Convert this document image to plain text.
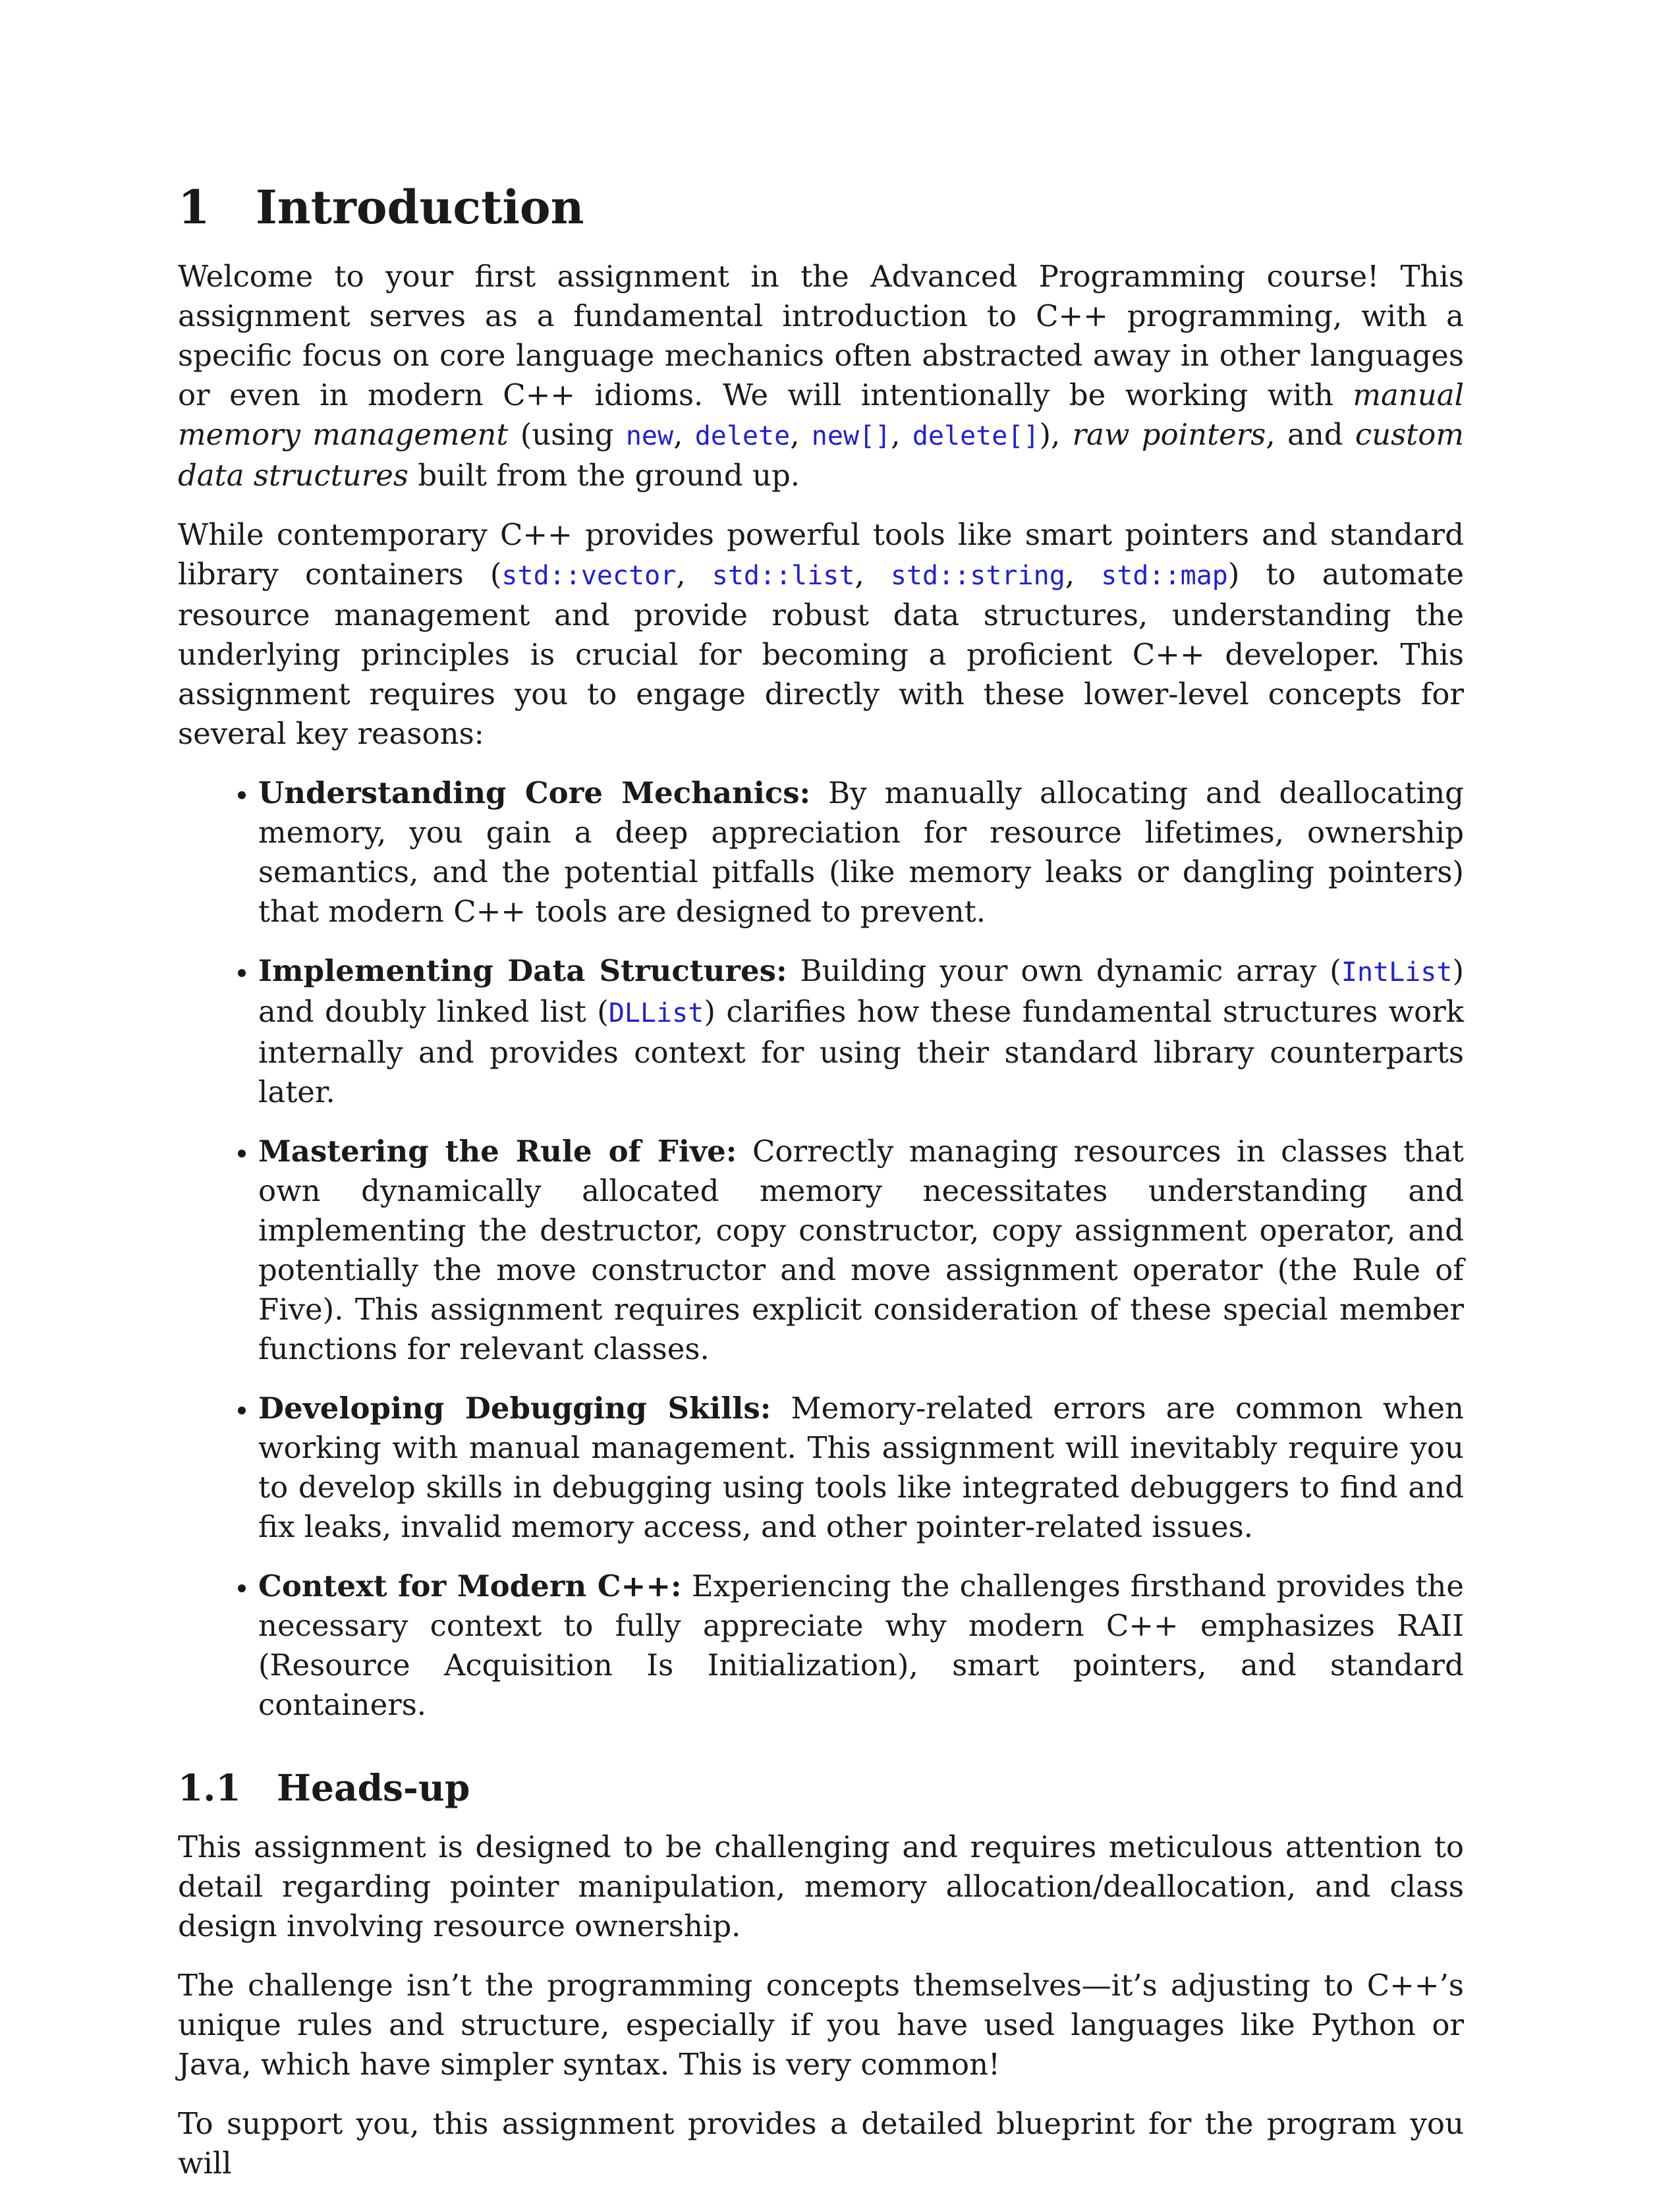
1 Introduction

Welcome to your first assignment in the Advanced Programming course! This assignment serves as a fundamental introduction to C++ programming, with a specific focus on core language mechanics often abstracted away in other languages or even in modern C++ idioms. We will intentionally be working with manual memory management (using new, delete, new[], delete[]), raw pointers, and custom data structures built from the ground up.

While contemporary C++ provides powerful tools like smart pointers and standard library containers (std::vector, std::list, std::string, std::map) to automate resource management and provide robust data structures, understanding the underlying principles is crucial for becoming a proficient C++ developer. This assignment requires you to engage directly with these lower-level concepts for several key reasons:

• Understanding Core Mechanics: By manually allocating and deallocating memory, you gain a deep appreciation for resource lifetimes, ownership semantics, and the potential pitfalls (like memory leaks or dangling pointers) that modern C++ tools are designed to prevent.
• Implementing Data Structures: Building your own dynamic array (IntList) and doubly linked list (DLList) clarifies how these fundamental structures work internally and provides context for using their standard library counterparts later.
• Mastering the Rule of Five: Correctly managing resources in classes that own dynamically allocated memory necessitates understanding and implementing the destructor, copy constructor, copy assignment operator, and potentially the move constructor and move assignment operator (the Rule of Five). This assignment requires explicit consideration of these special member functions for relevant classes.
• Developing Debugging Skills: Memory-related errors are common when working with manual management. This assignment will inevitably require you to develop skills in debugging using tools like integrated debuggers to find and fix leaks, invalid memory access, and other pointer-related issues.
• Context for Modern C++: Experiencing the challenges firsthand provides the necessary context to fully appreciate why modern C++ emphasizes RAII (Resource Acquisition Is Initialization), smart pointers, and standard containers.
1.1 Heads-up

This assignment is designed to be challenging and requires meticulous attention to detail regarding pointer manipulation, memory allocation/deallocation, and class design involving resource ownership.

The challenge isn’t the programming concepts themselves—it’s adjusting to C++’s unique rules and structure, especially if you have used languages like Python or Java, which have simpler syntax. This is very common!

To support you, this assignment provides a detailed blueprint for the program you will
